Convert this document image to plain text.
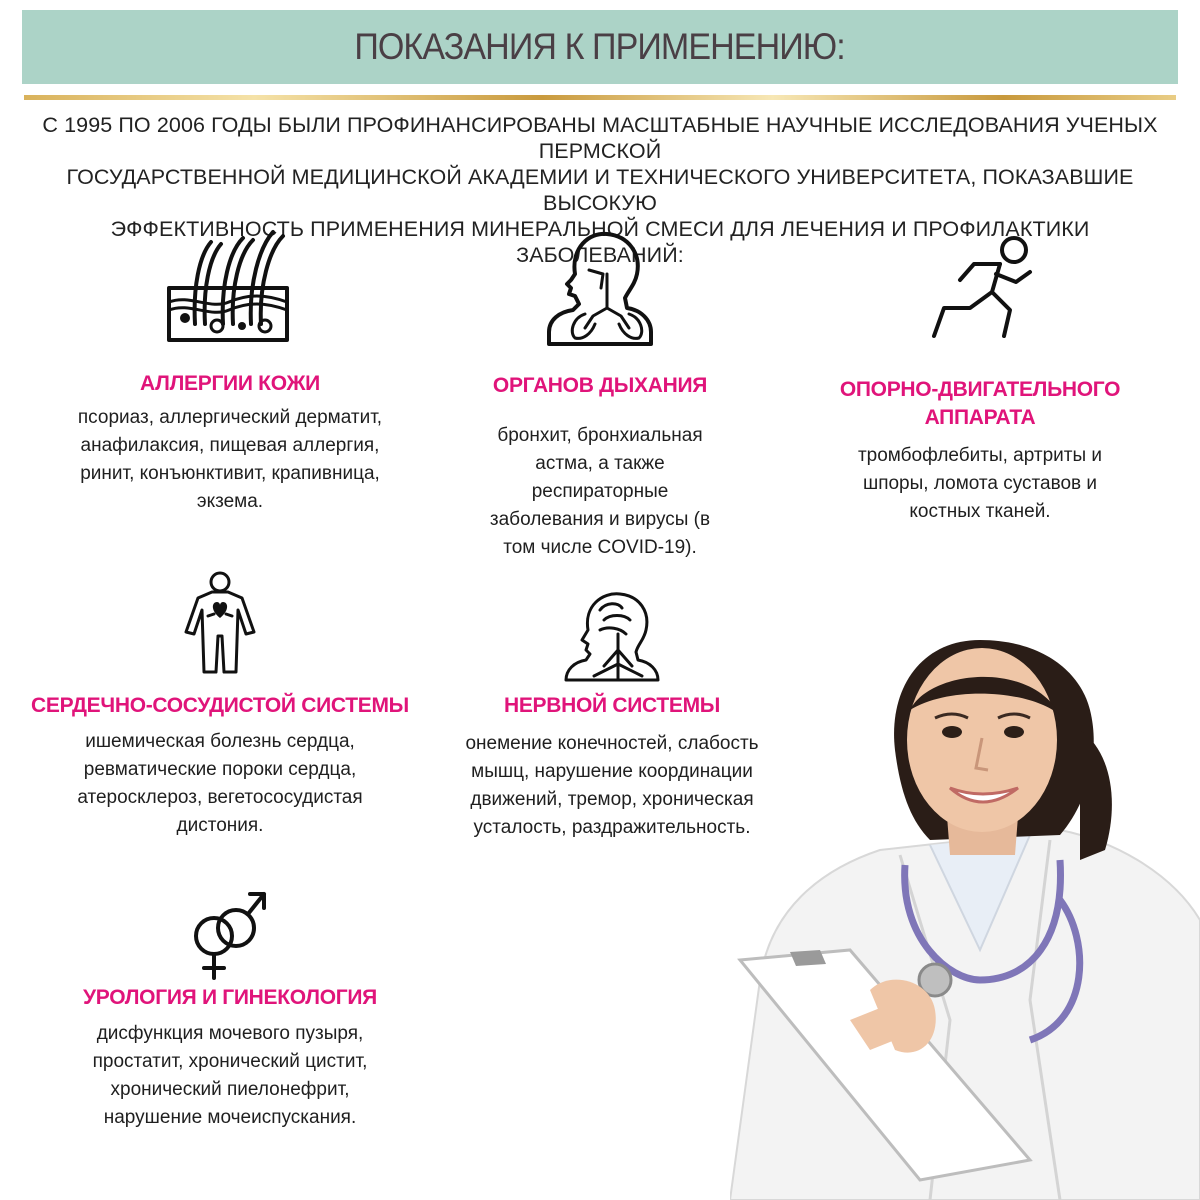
ПОКАЗАНИЯ К ПРИМЕНЕНИЮ:
С 1995 ПО 2006 ГОДЫ БЫЛИ ПРОФИНАНСИРОВАНЫ МАСШТАБНЫЕ НАУЧНЫЕ ИССЛЕДОВАНИЯ УЧЕНЫХ ПЕРМСКОЙ
ГОСУДАРСТВЕННОЙ МЕДИЦИНСКОЙ АКАДЕМИИ И ТЕХНИЧЕСКОГО УНИВЕРСИТЕТА, ПОКАЗАВШИЕ ВЫСОКУЮ
ЭФФЕКТИВНОСТЬ ПРИМЕНЕНИЯ МИНЕРАЛЬНОЙ СМЕСИ ДЛЯ ЛЕЧЕНИЯ И ПРОФИЛАКТИКИ ЗАБОЛЕВАНИЙ:

АЛЛЕРГИИ КОЖИ

псориаз, аллергический дерматит,

анафилаксия, пищевая аллергия,

ринит, конъюнктивит, крапивница,

экзема.

ОРГАНОВ ДЫХАНИЯ

бронхит, бронхиальная

астма, а также

респираторные

заболевания и вирусы (в

том числе COVID-19).

ОПОРНО-ДВИГАТЕЛЬНОГО

АППАРАТА

тромбофлебиты, артриты и

шпоры, ломота суставов и

костных тканей.

СЕРДЕЧНО-СОСУДИСТОЙ СИСТЕМЫ

ишемическая болезнь сердца,

ревматические пороки сердца,

атеросклероз, вегетососудистая

дистония.

НЕРВНОЙ СИСТЕМЫ

онемение конечностей, слабость

мышц, нарушение координации

движений, тремор, хроническая

усталость, раздражительность.

УРОЛОГИЯ И ГИНЕКОЛОГИЯ

дисфункция мочевого пузыря,

простатит, хронический цистит,

хронический пиелонефрит,

нарушение мочеиспускания.
